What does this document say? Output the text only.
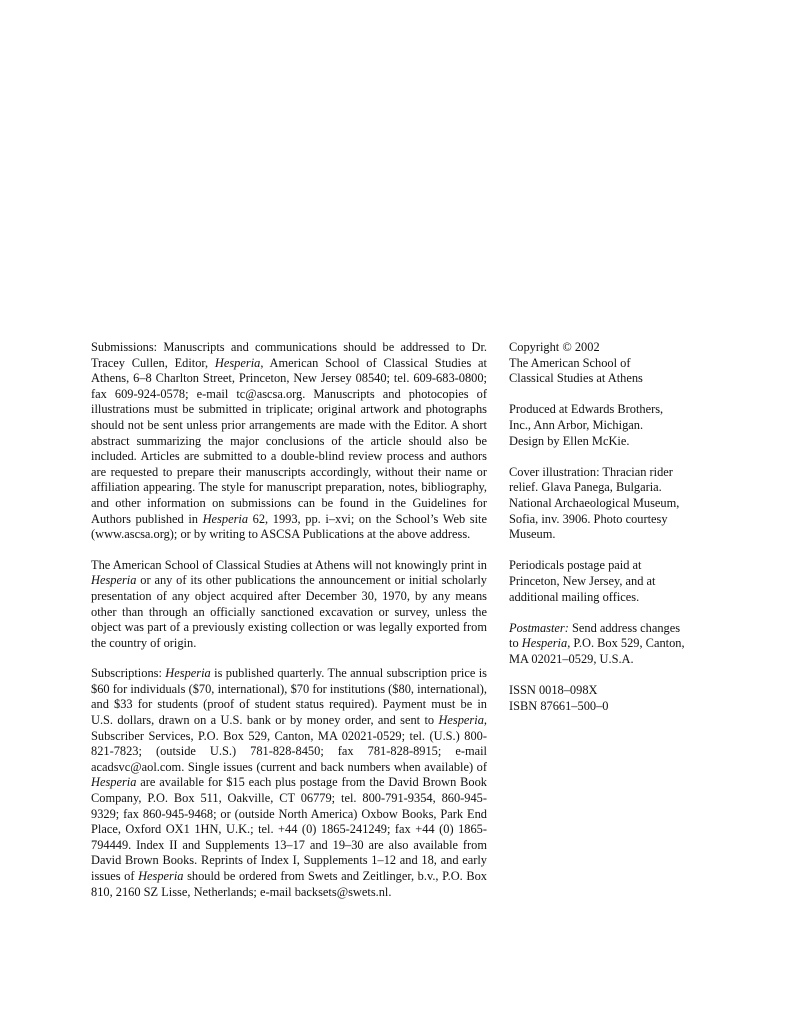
Submissions: Manuscripts and communications should be addressed to Dr. Tracey Cullen, Editor, Hesperia, American School of Classical Studies at Athens, 6–8 Charlton Street, Princeton, New Jersey 08540; tel. 609-683-0800; fax 609-924-0578; e-mail tc@ascsa.org. Manuscripts and photocopies of illustrations must be submitted in triplicate; original artwork and photographs should not be sent unless prior arrangements are made with the Editor. A short abstract summarizing the major conclusions of the article should also be included. Articles are submitted to a double-blind review process and authors are requested to prepare their manuscripts accordingly, without their name or affiliation appearing. The style for manuscript preparation, notes, bibliography, and other information on submissions can be found in the Guidelines for Authors published in Hesperia 62, 1993, pp. i–xvi; on the School’s Web site (www.ascsa.org); or by writing to ASCSA Publications at the above address.

The American School of Classical Studies at Athens will not knowingly print in Hesperia or any of its other publications the announcement or initial scholarly presentation of any object acquired after December 30, 1970, by any means other than through an officially sanctioned excavation or survey, unless the object was part of a previously existing collection or was legally exported from the country of origin.

Subscriptions: Hesperia is published quarterly. The annual subscription price is $60 for individuals ($70, international), $70 for institutions ($80, international), and $33 for students (proof of student status required). Payment must be in U.S. dollars, drawn on a U.S. bank or by money order, and sent to Hesperia, Subscriber Services, P.O. Box 529, Canton, MA 02021-0529; tel. (U.S.) 800-821-7823; (outside U.S.) 781-828-8450; fax 781-828-8915; e-mail acadsvc@aol.com. Single issues (current and back numbers when available) of Hesperia are available for $15 each plus postage from the David Brown Book Company, P.O. Box 511, Oakville, CT 06779; tel. 800-791-9354, 860-945-9329; fax 860-945-9468; or (outside North America) Oxbow Books, Park End Place, Oxford OX1 1HN, U.K.; tel. +44 (0) 1865-241249; fax +44 (0) 1865-794449. Index II and Supplements 13–17 and 19–30 are also available from David Brown Books. Reprints of Index I, Supplements 1–12 and 18, and early issues of Hesperia should be ordered from Swets and Zeitlinger, b.v., P.O. Box 810, 2160 SZ Lisse, Netherlands; e-mail backsets@swets.nl.

Copyright © 2002
The American School of
Classical Studies at Athens

Produced at Edwards Brothers,
Inc., Ann Arbor, Michigan.
Design by Ellen McKie.

Cover illustration: Thracian rider
relief. Glava Panega, Bulgaria.
National Archaeological Museum,
Sofia, inv. 3906. Photo courtesy
Museum.

Periodicals postage paid at
Princeton, New Jersey, and at
additional mailing offices.

Postmaster: Send address changes
to Hesperia, P.O. Box 529, Canton,
MA 02021–0529, U.S.A.

ISSN 0018–098X
ISBN 87661–500–0
